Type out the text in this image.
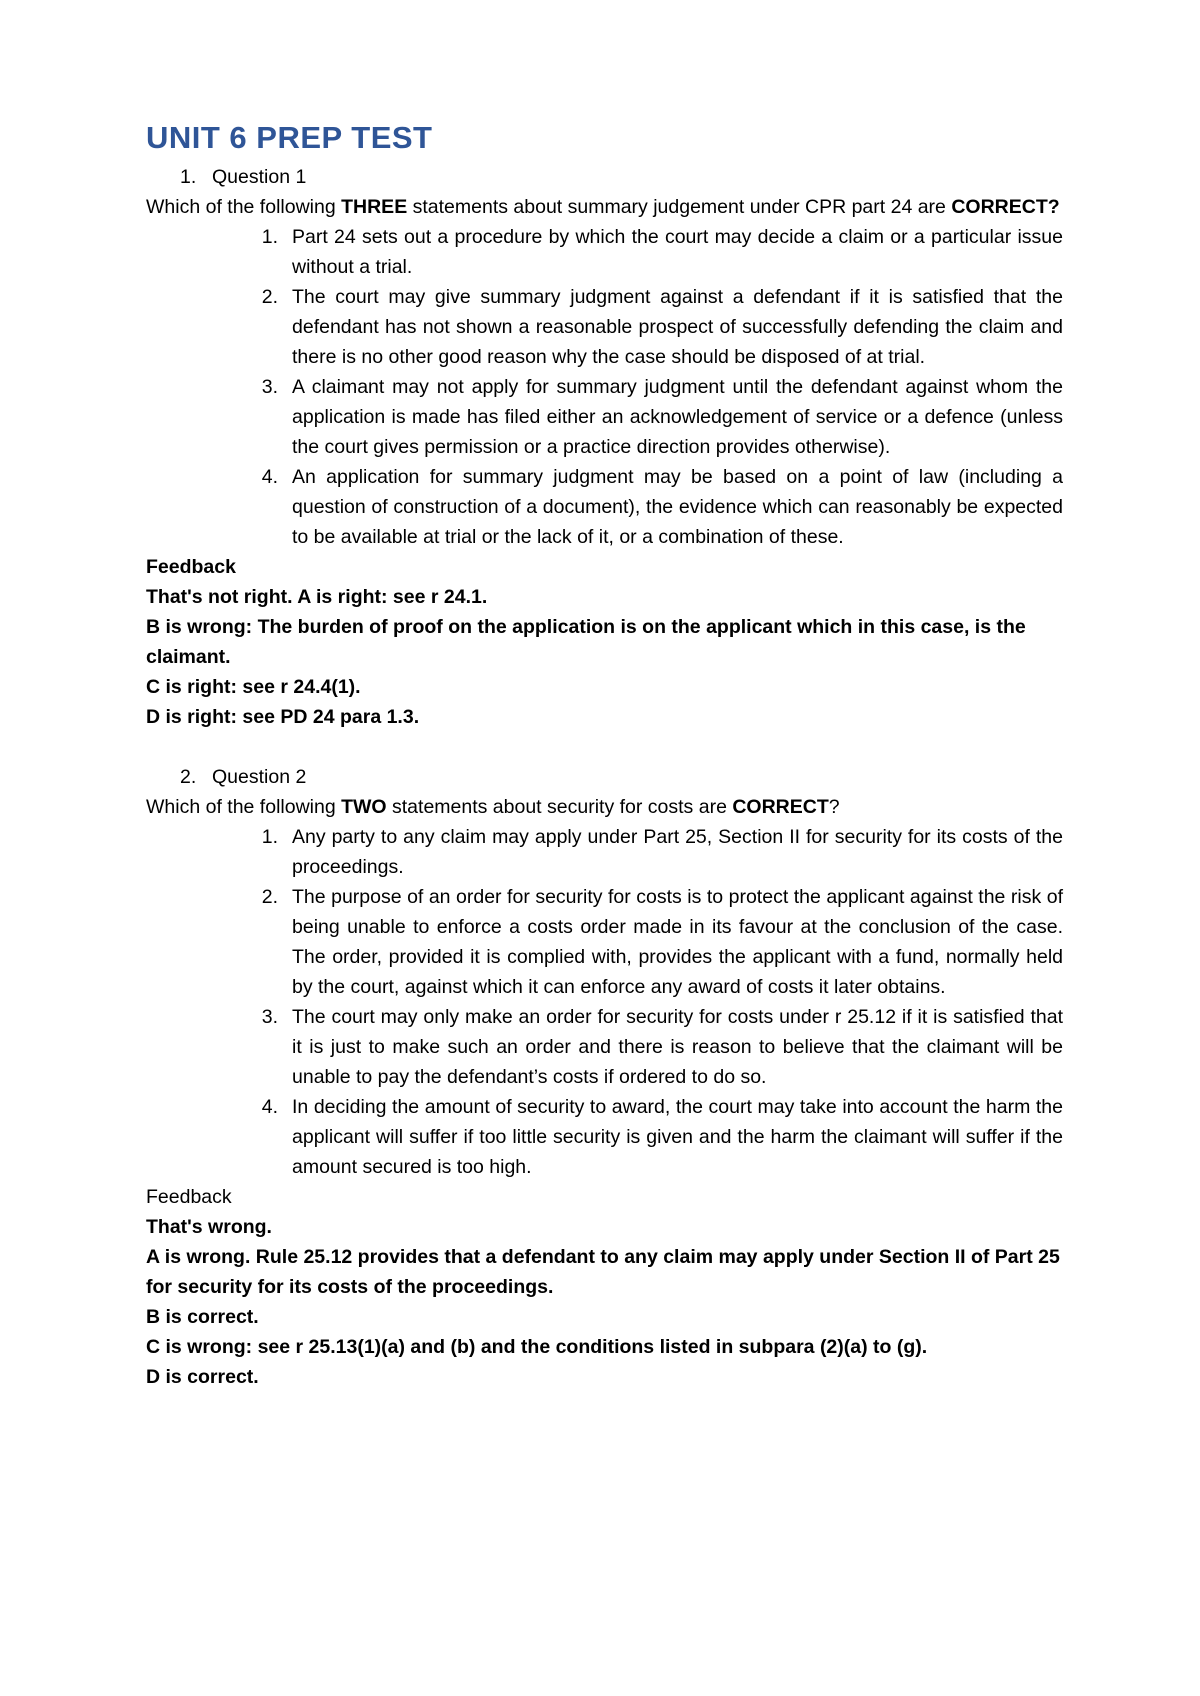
UNIT 6 PREP TEST
1. Question 1

Which of the following THREE statements about summary judgement under CPR part 24 are CORRECT?

1. Part 24 sets out a procedure by which the court may decide a claim or a particular issue without a trial.
2. The court may give summary judgment against a defendant if it is satisfied that the defendant has not shown a reasonable prospect of successfully defending the claim and there is no other good reason why the case should be disposed of at trial.
3. A claimant may not apply for summary judgment until the defendant against whom the application is made has filed either an acknowledgement of service or a defence (unless the court gives permission or a practice direction provides otherwise).
4. An application for summary judgment may be based on a point of law (including a question of construction of a document), the evidence which can reasonably be expected to be available at trial or the lack of it, or a combination of these.

Feedback

That's not right. A is right: see r 24.1.

B is wrong: The burden of proof on the application is on the applicant which in this case, is the claimant.

C is right: see r 24.4(1).

D is right: see PD 24 para 1.3.

2. Question 2

Which of the following TWO statements about security for costs are CORRECT?

1. Any party to any claim may apply under Part 25, Section II for security for its costs of the proceedings.
2. The purpose of an order for security for costs is to protect the applicant against the risk of being unable to enforce a costs order made in its favour at the conclusion of the case. The order, provided it is complied with, provides the applicant with a fund, normally held by the court, against which it can enforce any award of costs it later obtains.
3. The court may only make an order for security for costs under r 25.12 if it is satisfied that it is just to make such an order and there is reason to believe that the claimant will be unable to pay the defendant’s costs if ordered to do so.
4. In deciding the amount of security to award, the court may take into account the harm the applicant will suffer if too little security is given and the harm the claimant will suffer if the amount secured is too high.

Feedback

That's wrong.

A is wrong. Rule 25.12 provides that a defendant to any claim may apply under Section II of Part 25 for security for its costs of the proceedings.

B is correct.

C is wrong: see r 25.13(1)(a) and (b) and the conditions listed in subpara (2)(a) to (g).

D is correct.
